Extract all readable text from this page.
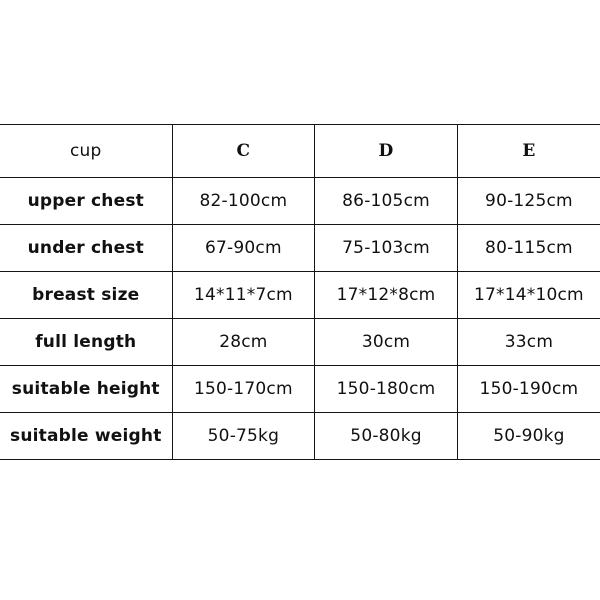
cup	C	D	E
upper chest	82-100cm	86-105cm	90-125cm
under chest	67-90cm	75-103cm	80-115cm
breast size	14*11*7cm	17*12*8cm	17*14*10cm
full length	28cm	30cm	33cm
suitable height	150-170cm	150-180cm	150-190cm
suitable weight	50-75kg	50-80kg	50-90kg
